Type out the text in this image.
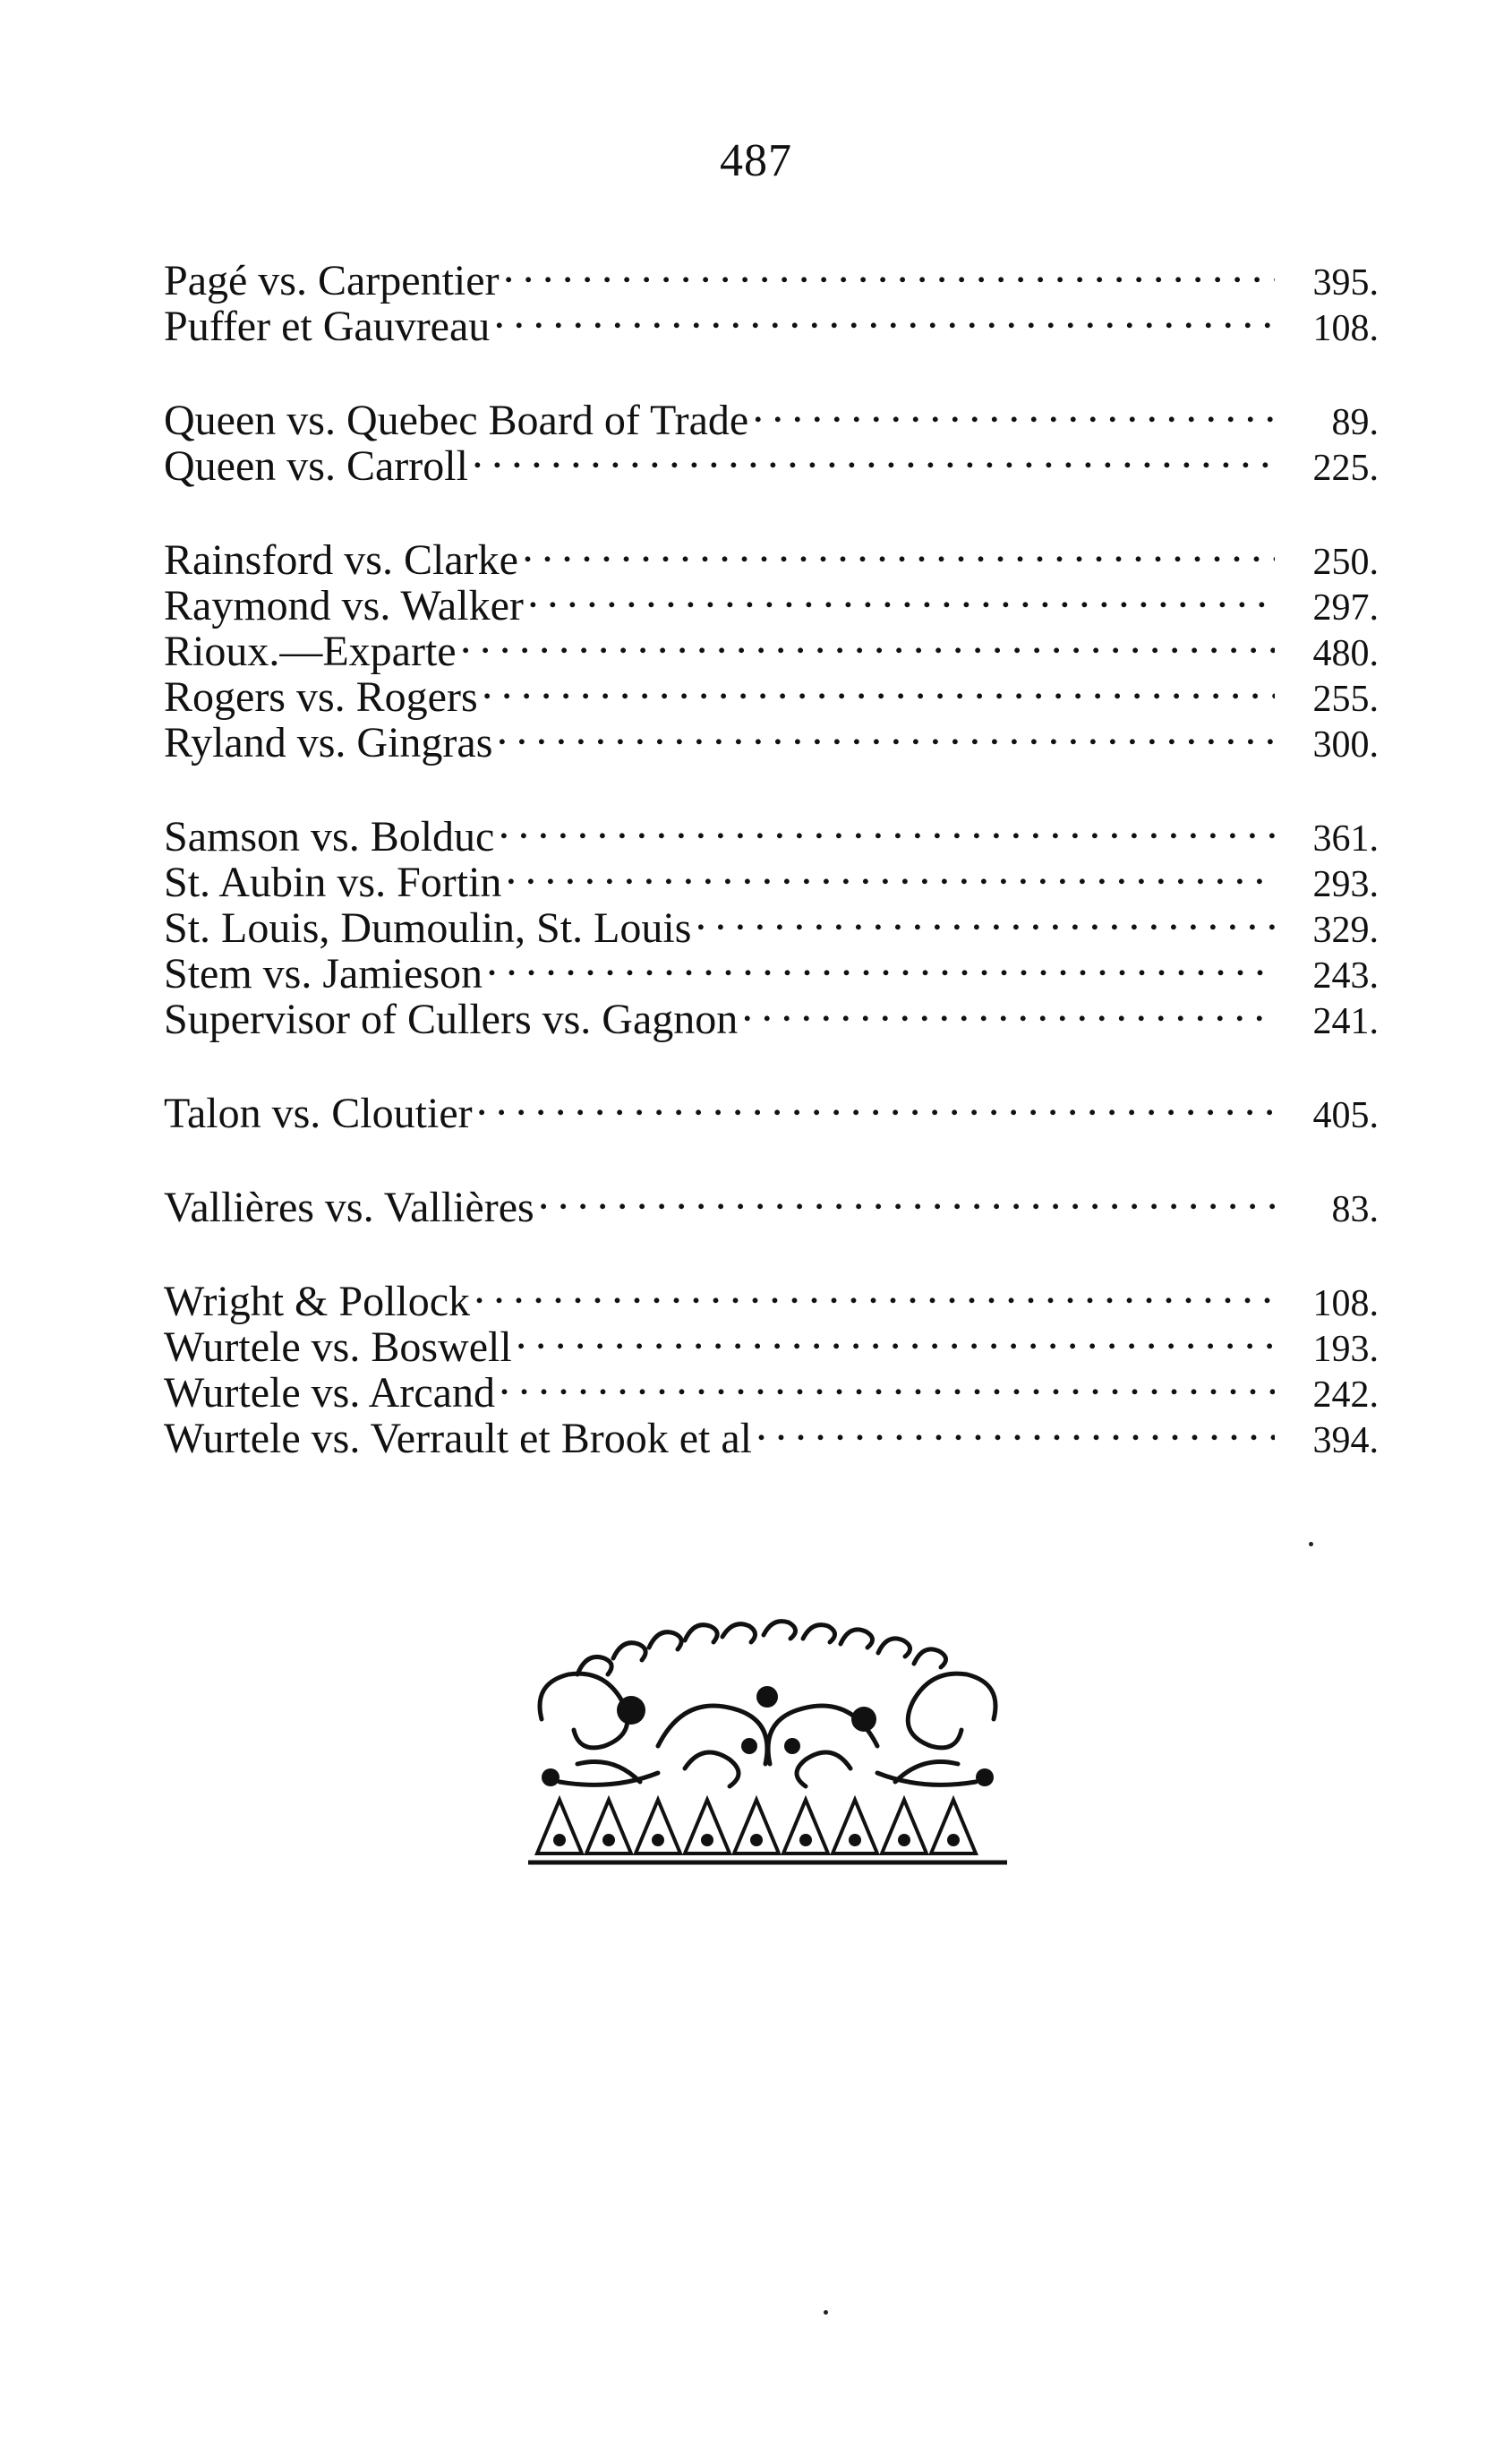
487
Pagé vs. Carpentier . . .	395.
Puffer et Gauvreau . . .	108.
Queen vs. Quebec Board of Trade . . .	89.
Queen vs. Carroll . . .	225.
Rainsford vs. Clarke . . .	250.
Raymond vs. Walker . . .	297.
Rioux.—Exparte . . .	480.
Rogers vs. Rogers . . .	255.
Ryland vs. Gingras . . .	300.
Samson vs. Bolduc . . .	361.
St. Aubin vs. Fortin . . .	293.
St. Louis, Dumoulin, St. Louis . . .	329.
Stem vs. Jamieson . . .	243.
Supervisor of Cullers vs. Gagnon . . .	241.
Talon vs. Cloutier . . .	405.
Vallières vs. Vallières . . .	83.
Wright & Pollock . . .	108.
Wurtele vs. Boswell . . .	193.
Wurtele vs. Arcand . . .	242.
Wurtele vs. Verrault et Brook et al . . .	394.
